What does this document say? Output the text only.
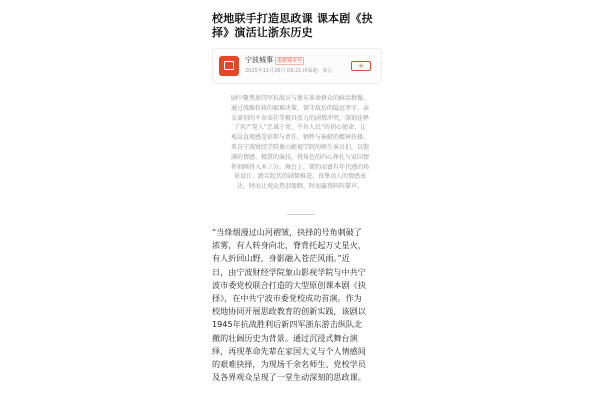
校地联手打造思政课 课本剧《抉
择》演活让浙东历史
宁波城事 甬派城市号
2025年11月26日 09:21 IP属地：浙江
+
剧中聚焦新四军抗战员与浙东革命群众的鲜活群像，
通过战略转移的艰难决策、留守敌后的隐忍坚守、亲
友离别的不舍牵挂等极具张力的剧情冲突，深刻诠释
了共产党人“忠诚于党、不负人民”的初心使命，让
观众直观感受信仰与责任、牺牲与奉献的精神抉择。
来自宁波财经学院象山影视学院的师生演员们，以饱
满的情感、精湛的演技，将角色的内心挣扎与家国情
怀刻画得入木三分。舞台上，简约而富有年代感的场
景设计、跌宕起伏的剧情推进、真挚动人的情感表
达，时而让观众热泪盈眶，时而赢得阵阵掌声。
“当烽烟漫过山河褶皱，抉择的号角刺破了
浓雾，有人转身向北，脊背托起万丈星火，
有人折回山野，身影融入苍茫风雨。”近
日，由宁波财经学院象山影视学院与中共宁
波市委党校联合打造的大型原创课本剧《抉
择》，在中共宁波市委党校成功首演。作为
校地协同开展思政教育的创新实践，该剧以
1945年抗战胜利后新四军浙东游击纵队北
撤的壮阔历史为背景。通过沉浸式舞台演
绎，再现革命先辈在家国大义与个人情感间
的艰难抉择，为现场千余名师生、党校学员
及各界观众呈现了一堂生动深刻的思政课。
